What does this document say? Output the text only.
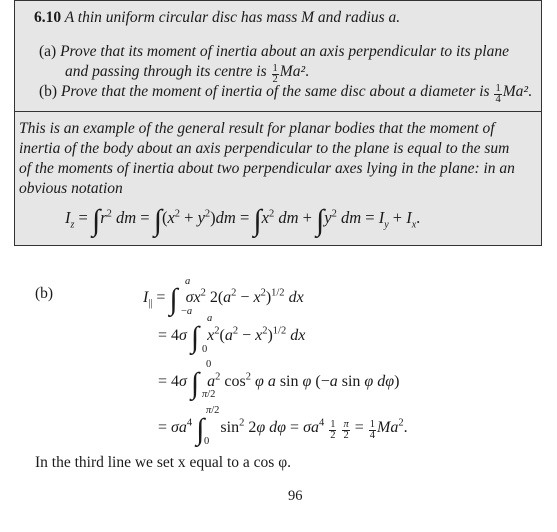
6.10 A thin uniform circular disc has mass M and radius a.
(a) Prove that its moment of inertia about an axis perpendicular to its plane
and passing through its centre is $\frac{1}{2} Ma^2$.
(b) Prove that the moment of inertia of the same disc about a diameter is $\frac{1}{4} Ma^2$.
This is an example of the general result for planar bodies that the moment of
inertia of the body about an axis perpendicular to the plane is equal to the sum
of the moments of inertia about two perpendicular axes lying in the plane: in an
obvious notation
$I_z = \int r^2$ dm = $\int(x^2 + y^2)dm = \int x^2$ dm + $\int y^2$ dm = $I_y + I_x$.
(b)	$I_{||}$ = ∫ $\sigma x^2$ $2(a^2 - x^2)^{1/2}$ dx
a
−a
= 4σ ∫ $x^2(a^2 - x^2)^{1/2}$ dx
a
0
= 4σ ∫ $a^2$ $\cos^2 \varphi$ a sin φ (−a sin φ dφ)
0
π/2
= $\sigma a^4$ ∫    $\sin^2 2\varphi$ $d\varphi = \sigma a^4 \frac{1}{2}$
$\frac{\pi}{2} = \frac{1}{4} Ma^2$.
π/2
0
In the third line we set x equal to a cos φ.
96
